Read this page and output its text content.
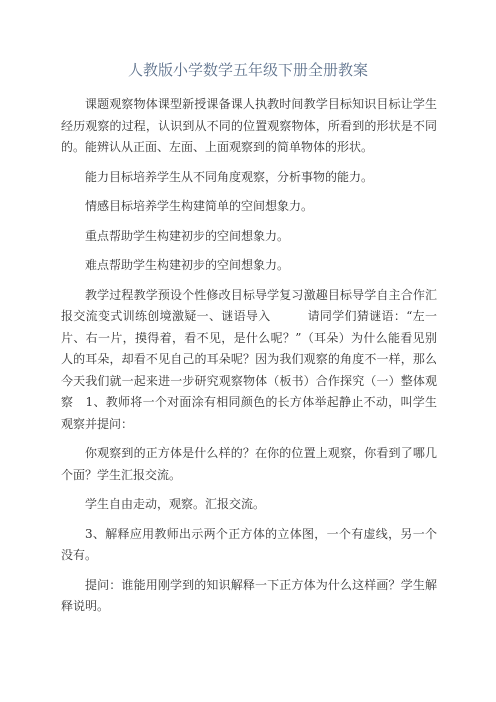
人教版小学数学五年级下册全册教案

课题观察物体课型新授课备课人执教时间教学目标知识目标让学生经历观察的过程，认识到从不同的位置观察物体，所看到的形状是不同的。能辨认从正面、左面、上面观察到的简单物体的形状。

能力目标培养学生从不同角度观察，分析事物的能力。

情感目标培养学生构建简单的空间想象力。

重点帮助学生构建初步的空间想象力。

难点帮助学生构建初步的空间想象力。

教学过程教学预设个性修改目标导学复习激趣目标导学自主合作汇报交流变式训练创境激疑一、谜语导入　　　请同学们猜谜语：“左一片、右一片，摸得着，看不见，是什么呢？”（耳朵）为什么能看见别人的耳朵，却看不见自己的耳朵呢？因为我们观察的角度不一样，那么今天我们就一起来进一步研究观察物体（板书）合作探究（一）整体观察　1、教师将一个对面涂有相同颜色的长方体举起静止不动，叫学生观察并提问：

你观察到的正方体是什么样的？在你的位置上观察，你看到了哪几个面？学生汇报交流。

学生自由走动，观察。汇报交流。

3、解释应用教师出示两个正方体的立体图，一个有虚线，另一个没有。

提问：谁能用刚学到的知识解释一下正方体为什么这样画？学生解释说明。
